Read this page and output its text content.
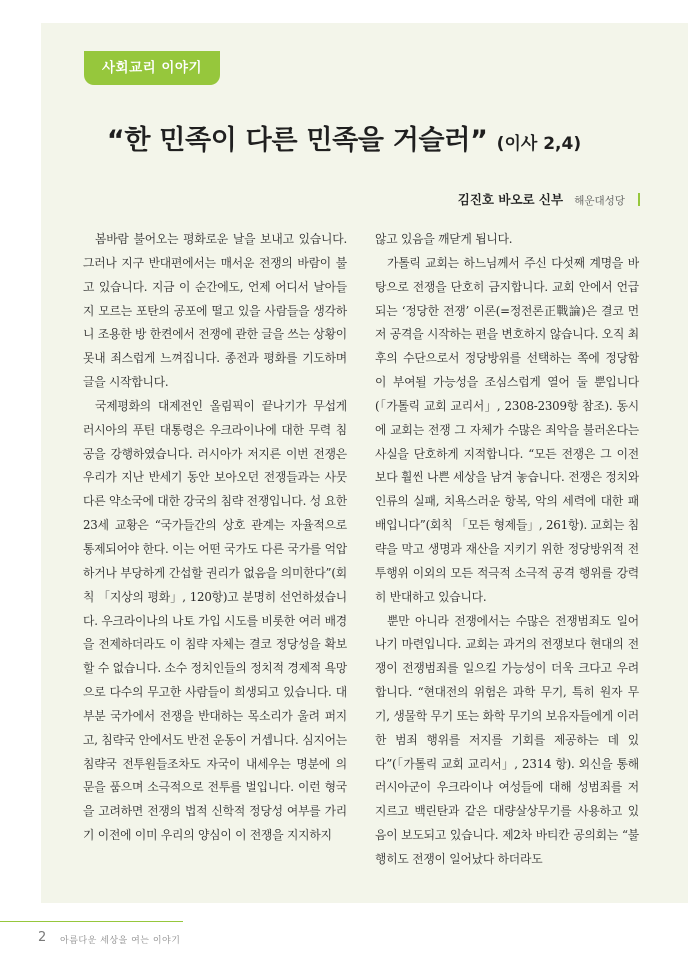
사회교리 이야기
“한 민족이 다른 민족을 거슬러” (이사 2,4)
김진호 바오로 신부 해운대성당

봄바람 불어오는 평화로운 날을 보내고 있습니다. 그러나 지구 반대편에서는 매서운 전쟁의 바람이 불고 있습니다. 지금 이 순간에도, 언제 어디서 날아들지 모르는 포탄의 공포에 떨고 있을 사람들을 생각하니 조용한 방 한켠에서 전쟁에 관한 글을 쓰는 상황이 못내 죄스럽게 느껴집니다. 종전과 평화를 기도하며 글을 시작합니다.

국제평화의 대제전인 올림픽이 끝나기가 무섭게 러시아의 푸틴 대통령은 우크라이나에 대한 무력 침공을 강행하였습니다. 러시아가 저지른 이번 전쟁은 우리가 지난 반세기 동안 보아오던 전쟁들과는 사뭇 다른 약소국에 대한 강국의 침략 전쟁입니다. 성 요한 23세 교황은 “국가들간의 상호 관계는 자율적으로 통제되어야 한다. 이는 어떤 국가도 다른 국가를 억압하거나 부당하게 간섭할 권리가 없음을 의미한다”(회칙 「지상의 평화」, 120항)고 분명히 선언하셨습니다. 우크라이나의 나토 가입 시도를 비롯한 여러 배경을 전제하더라도 이 침략 자체는 결코 정당성을 확보할 수 없습니다. 소수 정치인들의 정치적 경제적 욕망으로 다수의 무고한 사람들이 희생되고 있습니다. 대부분 국가에서 전쟁을 반대하는 목소리가 울려 퍼지고, 침략국 안에서도 반전 운동이 거셉니다. 심지어는 침략국 전투원들조차도 자국이 내세우는 명분에 의문을 품으며 소극적으로 전투를 벌입니다. 이런 형국을 고려하면 전쟁의 법적 신학적 정당성 여부를 가리기 이전에 이미 우리의 양심이 이 전쟁을 지지하지

않고 있음을 깨닫게 됩니다.

가톨릭 교회는 하느님께서 주신 다섯째 계명을 바탕으로 전쟁을 단호히 금지합니다. 교회 안에서 언급되는 ‘정당한 전쟁’ 이론(=정전론正戰論)은 결코 먼저 공격을 시작하는 편을 변호하지 않습니다. 오직 최후의 수단으로서 정당방위를 선택하는 쪽에 정당함이 부여될 가능성을 조심스럽게 열어 둘 뿐입니다(「가톨릭 교회 교리서」, 2308-2309항 참조). 동시에 교회는 전쟁 그 자체가 수많은 죄악을 불러온다는 사실을 단호하게 지적합니다. “모든 전쟁은 그 이전보다 훨씬 나쁜 세상을 남겨 놓습니다. 전쟁은 정치와 인류의 실패, 치욕스러운 항복, 악의 세력에 대한 패배입니다”(회칙 「모든 형제들」, 261항). 교회는 침략을 막고 생명과 재산을 지키기 위한 정당방위적 전투행위 이외의 모든 적극적 소극적 공격 행위를 강력히 반대하고 있습니다.

뿐만 아니라 전쟁에서는 수많은 전쟁범죄도 일어나기 마련입니다. 교회는 과거의 전쟁보다 현대의 전쟁이 전쟁범죄를 일으킬 가능성이 더욱 크다고 우려합니다. “현대전의 위험은 과학 무기, 특히 원자 무기, 생물학 무기 또는 화학 무기의 보유자들에게 이러한 범죄 행위를 저지를 기회를 제공하는 데 있다”(「가톨릭 교회 교리서」, 2314 항). 외신을 통해 러시아군이 우크라이나 여성들에 대해 성범죄를 저지르고 백린탄과 같은 대량살상무기를 사용하고 있음이 보도되고 있습니다. 제2차 바티칸 공의회는 “불행히도 전쟁이 일어났다 하더라도

2 아름다운 세상을 여는 이야기
